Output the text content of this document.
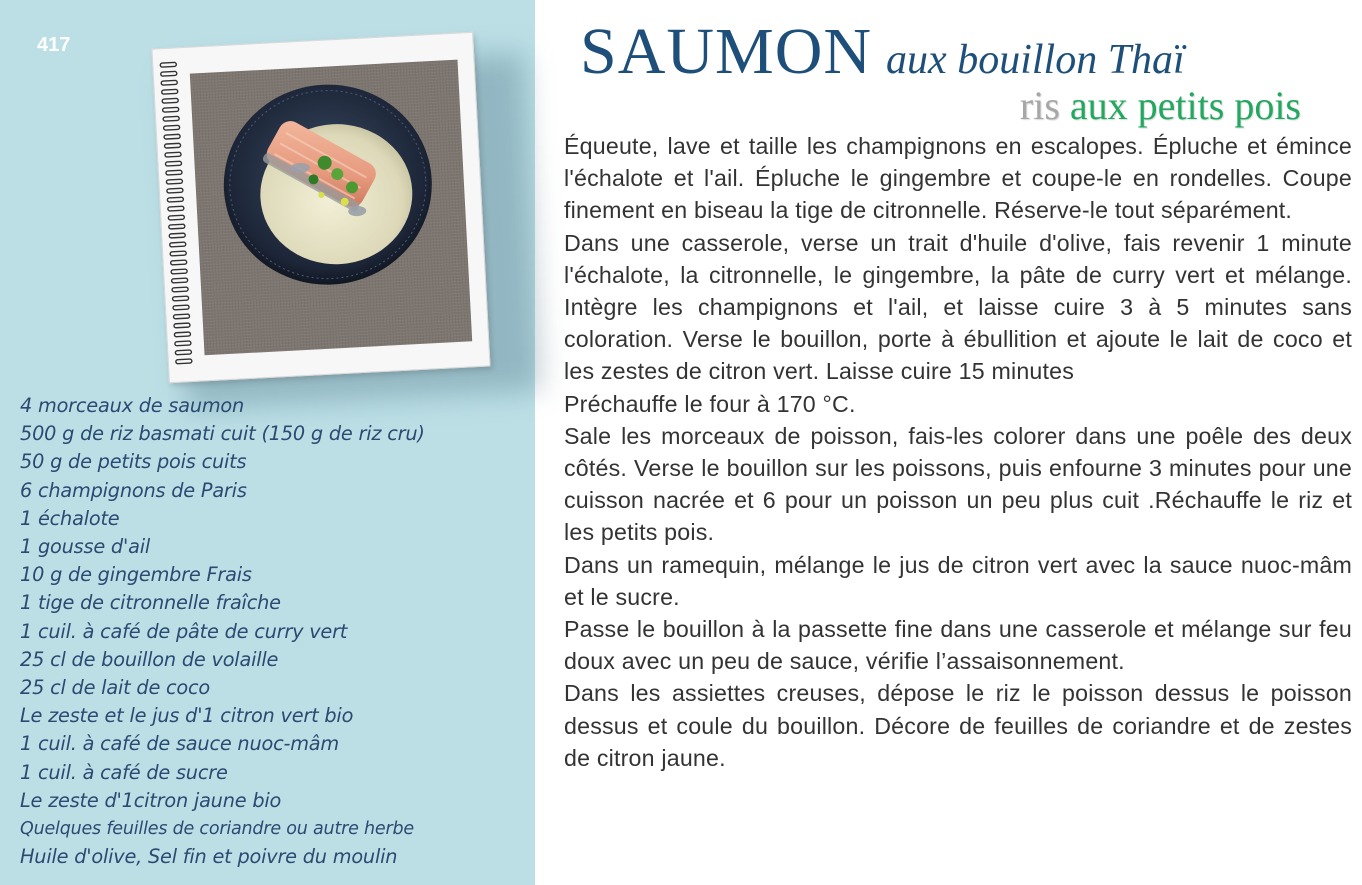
417
4 morceaux de saumon
500 g de riz basmati cuit (150 g de riz cru)
50 g de petits pois cuits
6 champignons de Paris
1 échalote
1 gousse d'ail
10 g de gingembre Frais
1 tige de citronnelle fraîche
1 cuil. à café de pâte de curry vert
25 cl de bouillon de volaille
25 cl de lait de coco
Le zeste et le jus d'1 citron vert bio
1 cuil. à café de sauce nuoc-mâm
1 cuil. à café de sucre
Le zeste d'1citron jaune bio
Quelques feuilles de coriandre ou autre herbe
Huile d'olive, Sel fin et poivre du moulin
SAUMON aux bouillon Thaï
ris aux petits pois

Équeute, lave et taille les champignons en escalopes. Épluche et émince l'échalote et l'ail. Épluche le gingembre et coupe-le en rondelles. Coupe finement en biseau la tige de citronnelle. Réserve-le tout séparément.

Dans une casserole, verse un trait d'huile d'olive, fais revenir 1 minute l'échalote, la citronnelle, le gingembre, la pâte de curry vert et mélange. Intègre les champignons et l'ail, et laisse cuire 3 à 5 minutes sans coloration. Verse le bouillon, porte à ébullition et ajoute le lait de coco et les zestes de citron vert. Laisse cuire 15 minutes

Préchauffe le four à 170 °C.

Sale les morceaux de poisson, fais-les colorer dans une poêle des deux côtés. Verse le bouillon sur les poissons, puis enfourne 3 minutes pour une cuisson nacrée et 6 pour un poisson un peu plus cuit .Réchauffe le riz et les petits pois.

Dans un ramequin, mélange le jus de citron vert avec la sauce nuoc-mâm et le sucre.

Passe le bouillon à la passette fine dans une casserole et mélange sur feu doux avec un peu de sauce, vérifie l’assaisonnement.

Dans les assiettes creuses, dépose le riz le poisson dessus le poisson dessus et coule du bouillon. Décore de feuilles de coriandre et de zestes de citron jaune.
